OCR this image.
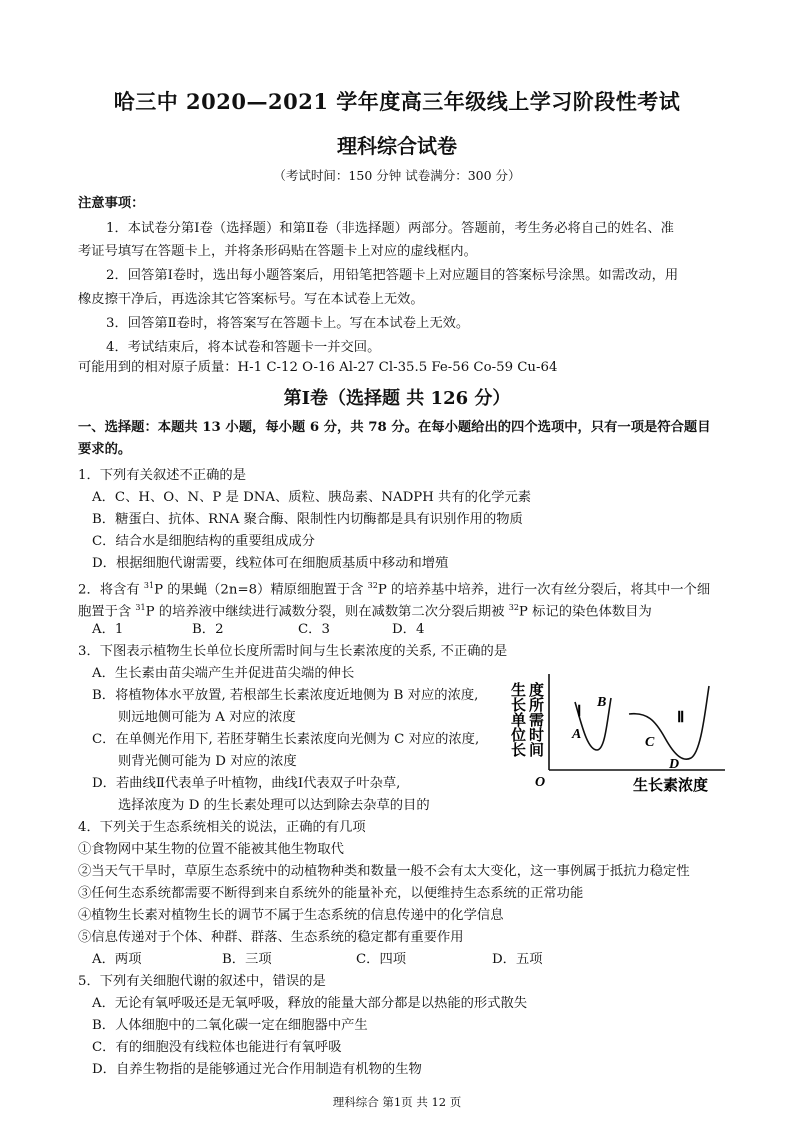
哈三中 2020—2021 学年度高三年级线上学习阶段性考试
理科综合试卷
（考试时间：150 分钟 试卷满分：300 分）
注意事项：
1．本试卷分第Ⅰ卷（选择题）和第Ⅱ卷（非选择题）两部分。答题前，考生务必将自己的姓名、准
考证号填写在答题卡上，并将条形码贴在答题卡上对应的虚线框内。
2．回答第Ⅰ卷时，选出每小题答案后，用铅笔把答题卡上对应题目的答案标号涂黑。如需改动，用
橡皮擦干净后，再选涂其它答案标号。写在本试卷上无效。
3．回答第Ⅱ卷时，将答案写在答题卡上。写在本试卷上无效。
4．考试结束后，将本试卷和答题卡一并交回。
可能用到的相对原子质量：H-1 C-12 O-16 Al-27 Cl-35.5 Fe-56 Co-59 Cu-64
第Ⅰ卷（选择题 共 126 分）
一、选择题：本题共 13 小题，每小题 6 分，共 78 分。在每小题给出的四个选项中，只有一项是符合题目
要求的。
1．下列有关叙述不正确的是
A．C、H、O、N、P 是 DNA、质粒、胰岛素、NADPH 共有的化学元素
B．糖蛋白、抗体、RNA 聚合酶、限制性内切酶都是具有识别作用的物质
C．结合水是细胞结构的重要组成成分
D．根据细胞代谢需要，线粒体可在细胞质基质中移动和增殖
2．将含有 $^{31}$P 的果蝇（2n=8）精原细胞置于含 $^{32}$P 的培养基中培养，进行一次有丝分裂后，将其中一个细
胞置于含 $^{31}$P 的培养液中继续进行减数分裂，则在减数第二次分裂后期被 $^{32}$P 标记的染色体数目为
A．1	B．2	C．3	D．4
3．下图表示植物生长单位长度所需时间与生长素浓度的关系, 不正确的是
A．生长素由苗尖端产生并促进苗尖端的伸长
B．将植物体水平放置, 若根部生长素浓度近地侧为 B 对应的浓度,
则远地侧可能为 A 对应的浓度
C．在单侧光作用下, 若胚芽鞘生长素浓度向光侧为 C 对应的浓度,
则背光侧可能为 D 对应的浓度
D．若曲线Ⅱ代表单子叶植物，曲线Ⅰ代表双子叶杂草,
选择浓度为 D 的生长素处理可以达到除去杂草的目的
生长单位长 度所需时间
O	生长素浓度
Ⅰ	Ⅱ
A
B
C
D
4．下列关于生态系统相关的说法，正确的有几项
①食物网中某生物的位置不能被其他生物取代
②当天气干旱时，草原生态系统中的动植物种类和数量一般不会有太大变化，这一事例属于抵抗力稳定性
③任何生态系统都需要不断得到来自系统外的能量补充，以便维持生态系统的正常功能
④植物生长素对植物生长的调节不属于生态系统的信息传递中的化学信息
⑤信息传递对于个体、种群、群落、生态系统的稳定都有重要作用
A．两项	B．三项	C．四项	D．五项
5．下列有关细胞代谢的叙述中，错误的是
A．无论有氧呼吸还是无氧呼吸，释放的能量大部分都是以热能的形式散失
B．人体细胞中的二氧化碳一定在细胞器中产生
C．有的细胞没有线粒体也能进行有氧呼吸
D．自养生物指的是能够通过光合作用制造有机物的生物
理科综合 第1页 共 12 页
